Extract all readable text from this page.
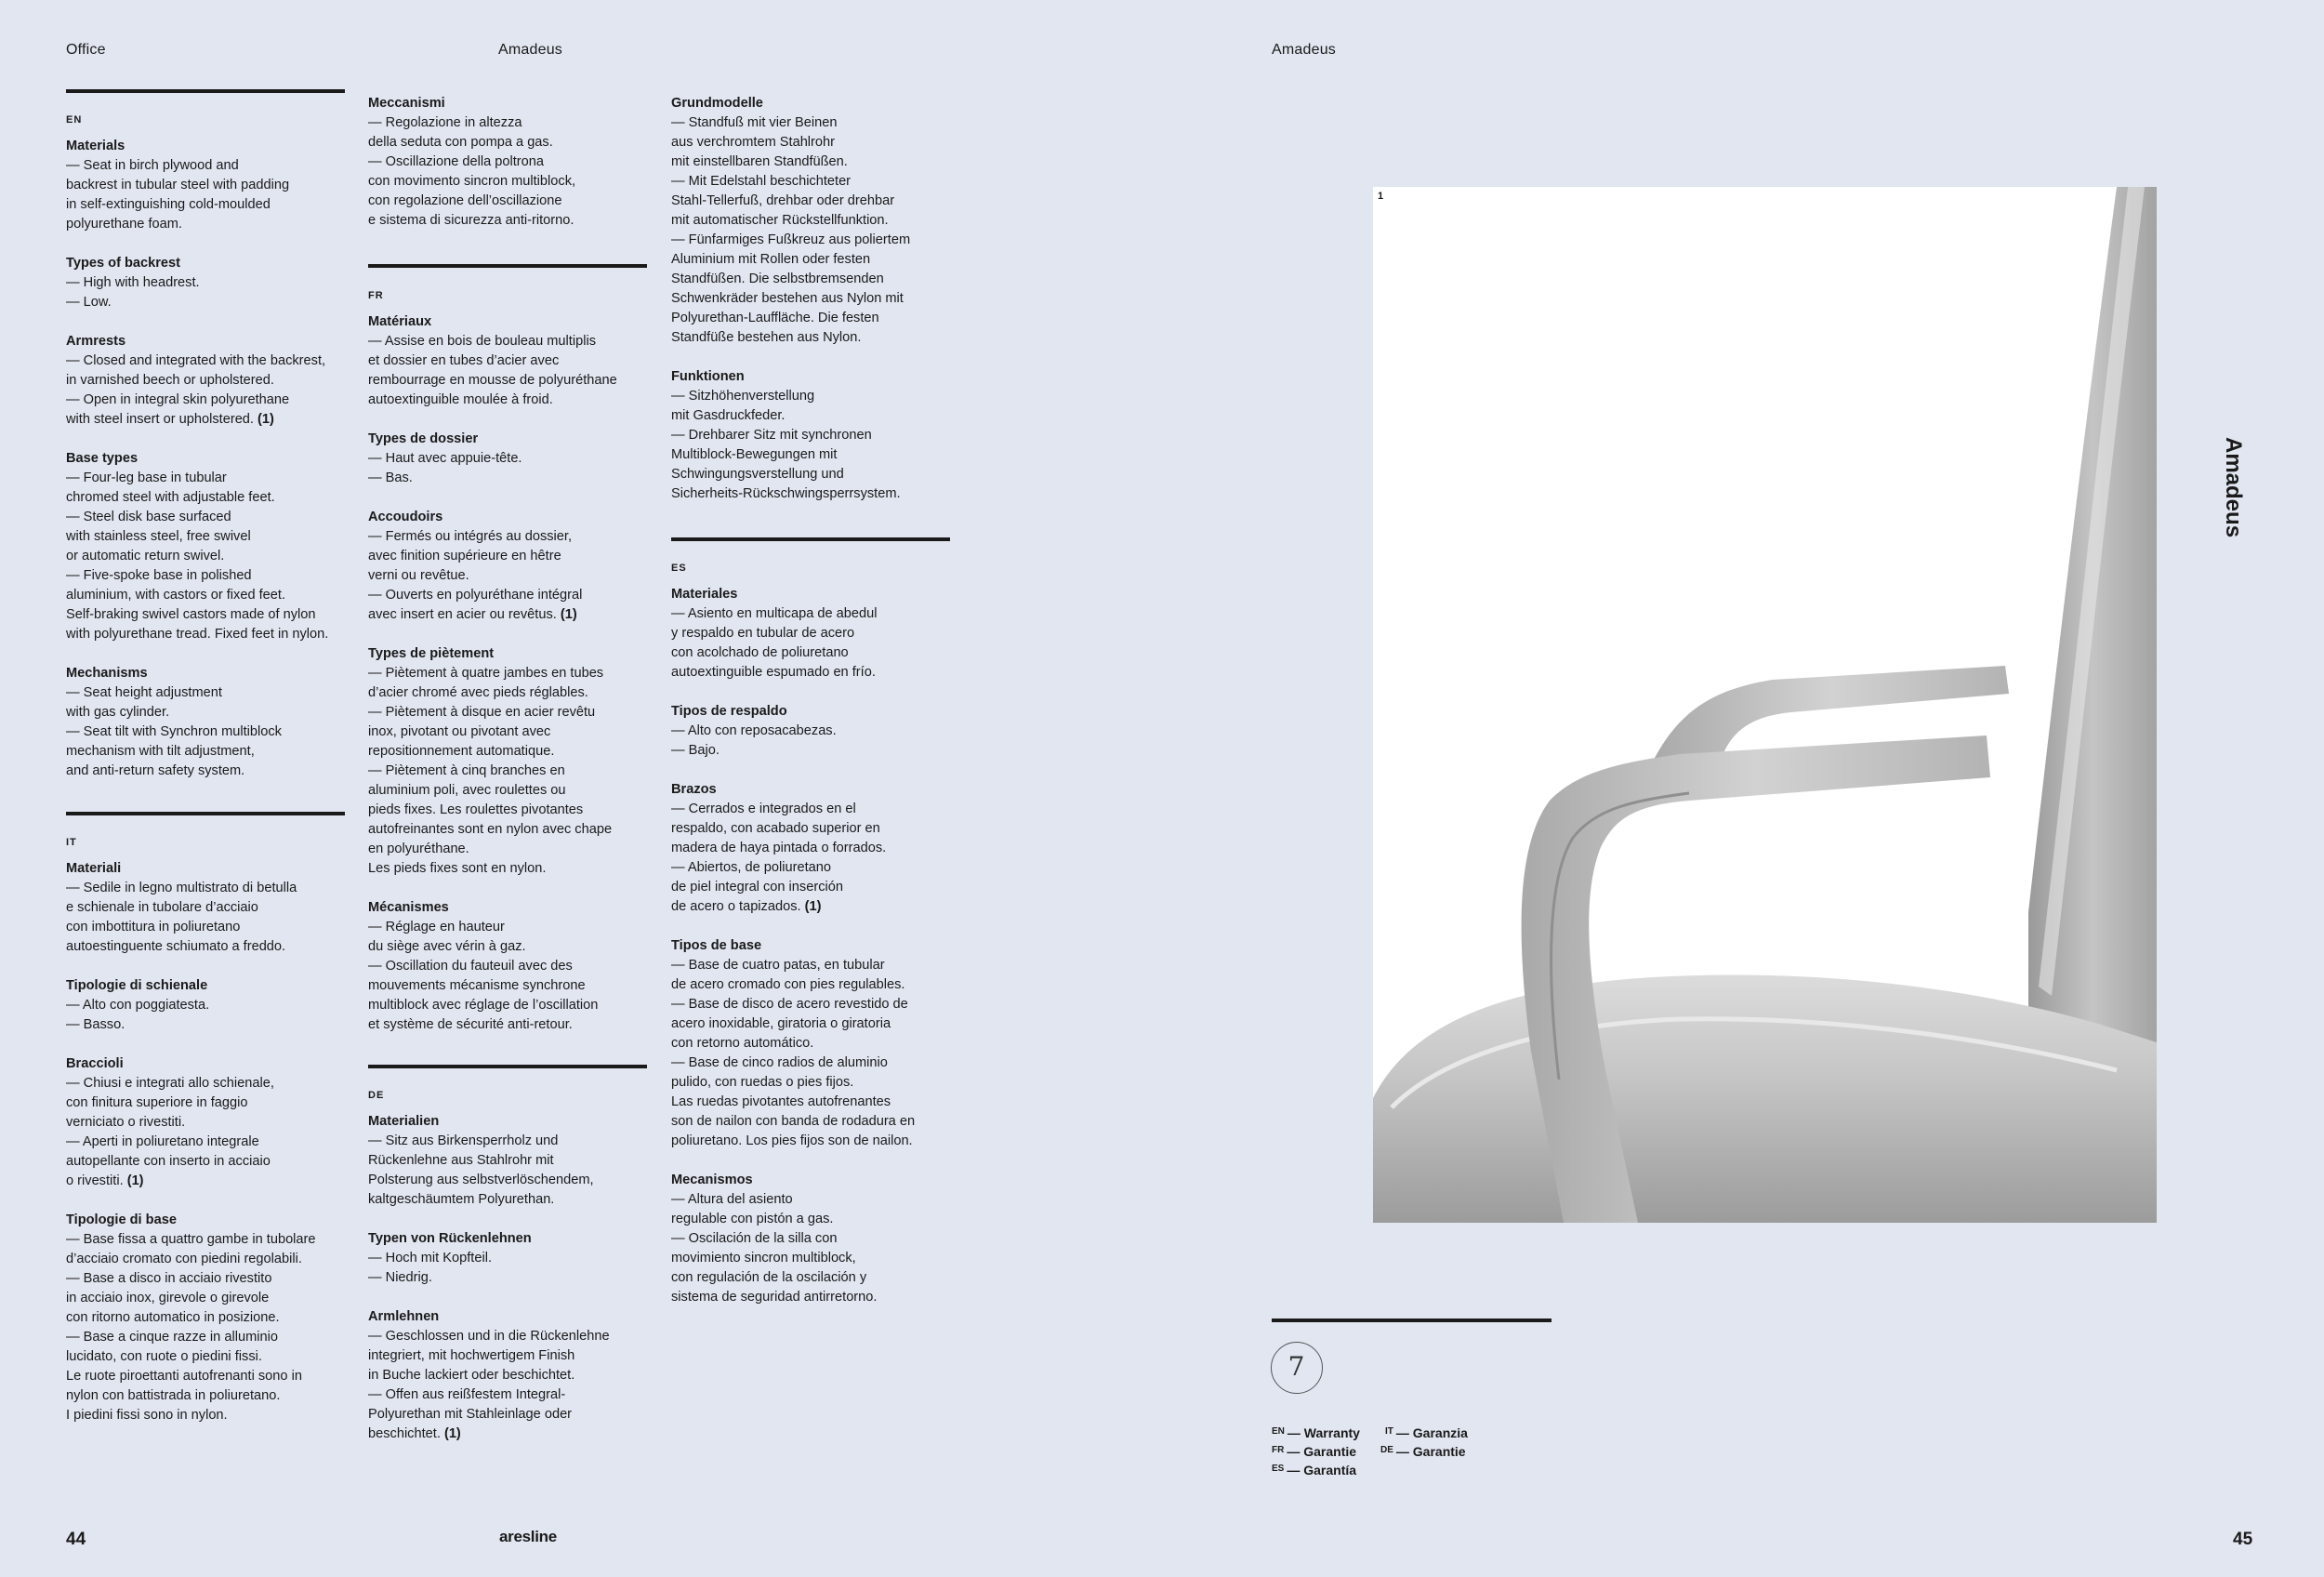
Office	Amadeus	Amadeus
EN
Materials
— Seat in birch plywood and
backrest in tubular steel with padding
in self-extinguishing cold-moulded
polyurethane foam.
Types of backrest
— High with headrest.
— Low.
Armrests
— Closed and integrated with the backrest,
in varnished beech or upholstered.
— Open in integral skin polyurethane
with steel insert or upholstered. (1)
Base types
— Four-leg base in tubular
chromed steel with adjustable feet.
— Steel disk base surfaced
with stainless steel, free swivel
or automatic return swivel.
— Five-spoke base in polished
aluminium, with castors or fixed feet.
Self-braking swivel castors made of nylon
with polyurethane tread. Fixed feet in nylon.
Mechanisms
— Seat height adjustment
with gas cylinder.
— Seat tilt with Synchron multiblock
mechanism with tilt adjustment,
and anti-return safety system.
IT
Materiali
— Sedile in legno multistrato di betulla
e schienale in tubolare d’acciaio
con imbottitura in poliuretano
autoestinguente schiumato a freddo.
Tipologie di schienale
— Alto con poggiatesta.
— Basso.
Braccioli
— Chiusi e integrati allo schienale,
con finitura superiore in faggio
verniciato o rivestiti.
— Aperti in poliuretano integrale
autopellante con inserto in acciaio
o rivestiti. (1)
Tipologie di base
— Base fissa a quattro gambe in tubolare
d’acciaio cromato con piedini regolabili.
— Base a disco in acciaio rivestito
in acciaio inox, girevole o girevole
con ritorno automatico in posizione.
— Base a cinque razze in alluminio
lucidato, con ruote o piedini fissi.
Le ruote piroettanti autofrenanti sono in
nylon con battistrada in poliuretano.
I piedini fissi sono in nylon.
Meccanismi
— Regolazione in altezza
della seduta con pompa a gas.
— Oscillazione della poltrona
con movimento sincron multiblock,
con regolazione dell’oscillazione
e sistema di sicurezza anti-ritorno.
FR
Matériaux
— Assise en bois de bouleau multiplis
et dossier en tubes d’acier avec
rembourrage en mousse de polyuréthane
autoextinguible moulée à froid.
Types de dossier
— Haut avec appuie-tête.
— Bas.
Accoudoirs
— Fermés ou intégrés au dossier,
avec finition supérieure en hêtre
verni ou revêtue.
— Ouverts en polyuréthane intégral
avec insert en acier ou revêtus. (1)
Types de piètement
— Piètement à quatre jambes en tubes
d’acier chromé avec pieds réglables.
— Piètement à disque en acier revêtu
inox, pivotant ou pivotant avec
repositionnement automatique.
— Piètement à cinq branches en
aluminium poli, avec roulettes ou
pieds fixes. Les roulettes pivotantes
autofreinantes sont en nylon avec chape
en polyuréthane.
Les pieds fixes sont en nylon.
Mécanismes
— Réglage en hauteur
du siège avec vérin à gaz.
— Oscillation du fauteuil avec des
mouvements mécanisme synchrone
multiblock avec réglage de l’oscillation
et système de sécurité anti-retour.
DE
Materialien
— Sitz aus Birkensperrholz und
Rückenlehne aus Stahlrohr mit
Polsterung aus selbstverlöschendem,
kaltgeschäumtem Polyurethan.
Typen von Rückenlehnen
— Hoch mit Kopfteil.
— Niedrig.
Armlehnen
— Geschlossen und in die Rückenlehne
integriert, mit hochwertigem Finish
in Buche lackiert oder beschichtet.
— Offen aus reißfestem Integral-
Polyurethan mit Stahleinlage oder
beschichtet. (1)
Grundmodelle
— Standfuß mit vier Beinen
aus verchromtem Stahlrohr
mit einstellbaren Standfüßen.
— Mit Edelstahl beschichteter
Stahl-Tellerfuß, drehbar oder drehbar
mit automatischer Rückstellfunktion.
— Fünfarmiges Fußkreuz aus poliertem
Aluminium mit Rollen oder festen
Standfüßen. Die selbstbremsenden
Schwenkräder bestehen aus Nylon mit
Polyurethan-Lauffläche. Die festen
Standfüße bestehen aus Nylon.
Funktionen
— Sitzhöhenverstellung
mit Gasdruckfeder.
— Drehbarer Sitz mit synchronen
Multiblock-Bewegungen mit
Schwingungsverstellung und
Sicherheits-Rückschwingsperrsystem.
ES
Materiales
— Asiento en multicapa de abedul
y respaldo en tubular de acero
con acolchado de poliuretano
autoextinguible espumado en frío.
Tipos de respaldo
— Alto con reposacabezas.
— Bajo.
Brazos
— Cerrados e integrados en el
respaldo, con acabado superior en
madera de haya pintada o forrados.
— Abiertos, de poliuretano
de piel integral con inserción
de acero o tapizados. (1)
Tipos de base
— Base de cuatro patas, en tubular
de acero cromado con pies regulables.
— Base de disco de acero revestido de
acero inoxidable, giratoria o giratoria
con retorno automático.
— Base de cinco radios de aluminio
pulido, con ruedas o pies fijos.
Las ruedas pivotantes autofrenantes
son de nailon con banda de rodadura en
poliuretano. Los pies fijos son de nailon.
Mecanismos
— Altura del asiento
regulable con pistón a gas.
— Oscilación de la silla con
movimiento sincron multiblock,
con regulación de la oscilación y
sistema de seguridad antirretorno.
1
Amadeus
7
$^{EN}$ — Warranty
$^{FR}$ — Garantie
$^{ES}$ — Garantía
$^{IT}$ — Garanzia
$^{DE}$ — Garantie
44	aresline	45
